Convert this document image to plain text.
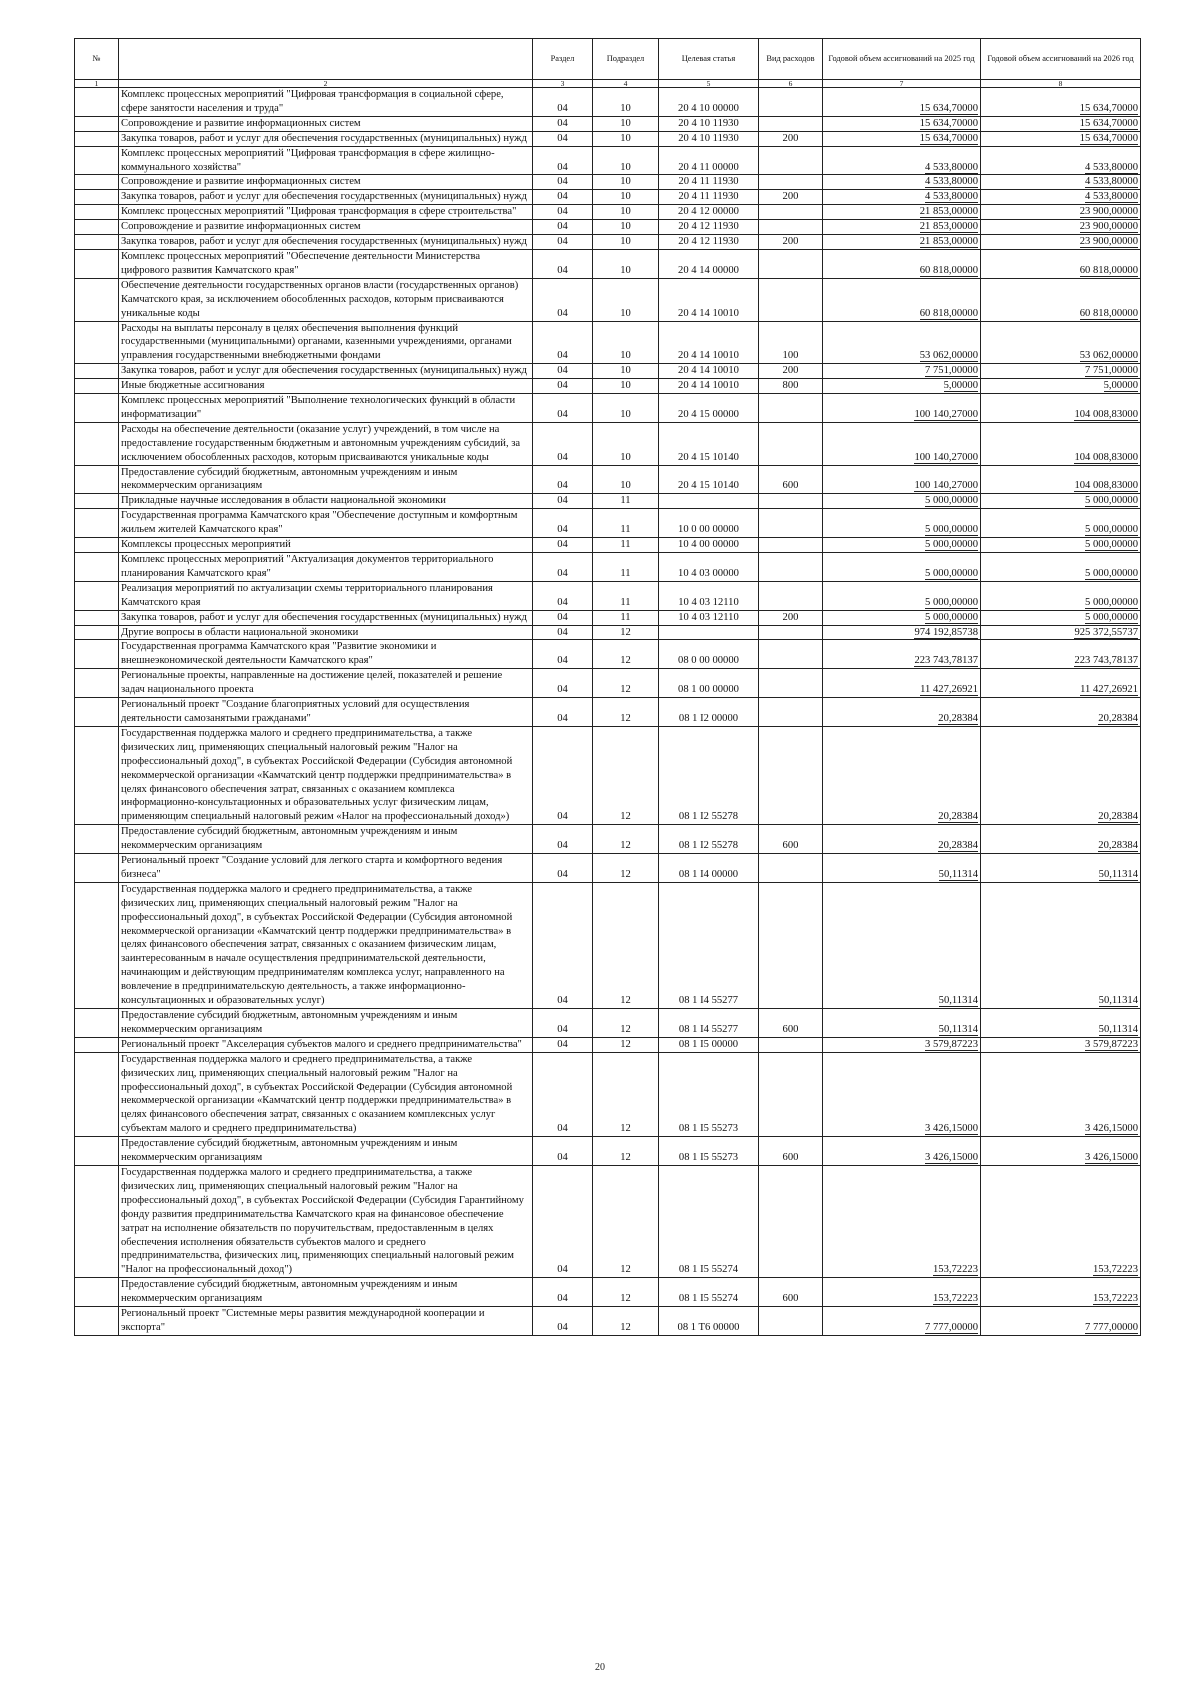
№		Раздел	Подраздел	Целевая статья	Вид расходов	Годовой объем ассигнований на 2025 год	Годовой объем ассигнований на 2026 год
1	2	3	4	5	6	7	8
	Комплекс процессных мероприятий "Цифровая трансформация в социальной сфере, сфере занятости населения и труда"	04	10	20 4 10 00000		15 634,70000	15 634,70000
	Сопровождение и развитие информационных систем	04	10	20 4 10 11930		15 634,70000	15 634,70000
	Закупка товаров, работ и услуг для обеспечения государственных (муниципальных) нужд	04	10	20 4 10 11930	200	15 634,70000	15 634,70000
	Комплекс процессных мероприятий "Цифровая трансформация в сфере жилищно-коммунального хозяйства"	04	10	20 4 11 00000		4 533,80000	4 533,80000
	Сопровождение и развитие информационных систем	04	10	20 4 11 11930		4 533,80000	4 533,80000
	Закупка товаров, работ и услуг для обеспечения государственных (муниципальных) нужд	04	10	20 4 11 11930	200	4 533,80000	4 533,80000
	Комплекс процессных мероприятий "Цифровая трансформация в сфере строительства"	04	10	20 4 12 00000		21 853,00000	23 900,00000
	Сопровождение и развитие информационных систем	04	10	20 4 12 11930		21 853,00000	23 900,00000
	Закупка товаров, работ и услуг для обеспечения государственных (муниципальных) нужд	04	10	20 4 12 11930	200	21 853,00000	23 900,00000
	Комплекс процессных мероприятий "Обеспечение деятельности Министерства цифрового развития Камчатского края"	04	10	20 4 14 00000		60 818,00000	60 818,00000
	Обеспечение деятельности государственных органов власти (государственных органов) Камчатского края, за исключением обособленных расходов, которым присваиваются уникальные коды	04	10	20 4 14 10010		60 818,00000	60 818,00000
	Расходы на выплаты персоналу в целях обеспечения выполнения функций государственными (муниципальными) органами, казенными учреждениями, органами управления государственными внебюджетными фондами	04	10	20 4 14 10010	100	53 062,00000	53 062,00000
	Закупка товаров, работ и услуг для обеспечения государственных (муниципальных) нужд	04	10	20 4 14 10010	200	7 751,00000	7 751,00000
	Иные бюджетные ассигнования	04	10	20 4 14 10010	800	5,00000	5,00000
	Комплекс процессных мероприятий "Выполнение технологических функций в области информатизации"	04	10	20 4 15 00000		100 140,27000	104 008,83000
	Расходы на обеспечение деятельности (оказание услуг) учреждений, в том числе на предоставление государственным бюджетным и автономным учреждениям субсидий, за исключением обособленных расходов, которым присваиваются уникальные коды	04	10	20 4 15 10140		100 140,27000	104 008,83000
	Предоставление субсидий бюджетным, автономным учреждениям и иным некоммерческим организациям	04	10	20 4 15 10140	600	100 140,27000	104 008,83000
	Прикладные научные исследования в области национальной экономики	04	11			5 000,00000	5 000,00000
	Государственная программа Камчатского края "Обеспечение доступным и комфортным жильем жителей Камчатского края"	04	11	10 0 00 00000		5 000,00000	5 000,00000
	Комплексы процессных мероприятий	04	11	10 4 00 00000		5 000,00000	5 000,00000
	Комплекс процессных мероприятий "Актуализация документов территориального планирования Камчатского края"	04	11	10 4 03 00000		5 000,00000	5 000,00000
	Реализация мероприятий по актуализации схемы территориального планирования Камчатского края	04	11	10 4 03 12110		5 000,00000	5 000,00000
	Закупка товаров, работ и услуг для обеспечения государственных (муниципальных) нужд	04	11	10 4 03 12110	200	5 000,00000	5 000,00000
	Другие вопросы в области национальной экономики	04	12			974 192,85738	925 372,55737
	Государственная программа Камчатского края "Развитие экономики и внешнеэкономической деятельности Камчатского края"	04	12	08 0 00 00000		223 743,78137	223 743,78137
	Региональные проекты, направленные на достижение целей, показателей и решение задач национального проекта	04	12	08 1 00 00000		11 427,26921	11 427,26921
	Региональный проект "Создание благоприятных условий для осуществления деятельности самозанятыми гражданами"	04	12	08 1 I2 00000		20,28384	20,28384
	Государственная поддержка малого и среднего предпринимательства, а также физических лиц, применяющих специальный налоговый режим "Налог на профессиональный доход", в субъектах Российской Федерации (Субсидия автономной некоммерческой организации «Камчатский центр поддержки предпринимательства» в целях финансового обеспечения затрат, связанных с оказанием комплекса информационно-консультационных и образовательных услуг физическим лицам, применяющим специальный налоговый режим «Налог на профессиональный доход»)	04	12	08 1 I2 55278		20,28384	20,28384
	Предоставление субсидий бюджетным, автономным учреждениям и иным некоммерческим организациям	04	12	08 1 I2 55278	600	20,28384	20,28384
	Региональный проект "Создание условий для легкого старта и комфортного ведения бизнеса"	04	12	08 1 I4 00000		50,11314	50,11314
	Государственная поддержка малого и среднего предпринимательства, а также физических лиц, применяющих специальный налоговый режим "Налог на профессиональный доход", в субъектах Российской Федерации (Субсидия автономной некоммерческой организации «Камчатский центр поддержки предпринимательства» в целях финансового обеспечения затрат, связанных с оказанием физическим лицам, заинтересованным в начале осуществления предпринимательской деятельности, начинающим и действующим предпринимателям комплекса услуг, направленного на вовлечение в предпринимательскую деятельность, а также информационно-консультационных и образовательных услуг)	04	12	08 1 I4 55277		50,11314	50,11314
	Предоставление субсидий бюджетным, автономным учреждениям и иным некоммерческим организациям	04	12	08 1 I4 55277	600	50,11314	50,11314
	Региональный проект "Акселерация субъектов малого и среднего предпринимательства"	04	12	08 1 I5 00000		3 579,87223	3 579,87223
	Государственная поддержка малого и среднего предпринимательства, а также физических лиц, применяющих специальный налоговый режим "Налог на профессиональный доход", в субъектах Российской Федерации (Субсидия автономной некоммерческой организации «Камчатский центр поддержки предпринимательства» в целях финансового обеспечения затрат, связанных с оказанием комплексных услуг субъектам малого и среднего предпринимательства)	04	12	08 1 I5 55273		3 426,15000	3 426,15000
	Предоставление субсидий бюджетным, автономным учреждениям и иным некоммерческим организациям	04	12	08 1 I5 55273	600	3 426,15000	3 426,15000
	Государственная поддержка малого и среднего предпринимательства, а также физических лиц, применяющих специальный налоговый режим "Налог на профессиональный доход", в субъектах Российской Федерации (Субсидия Гарантийному фонду развития предпринимательства Камчатского края на финансовое обеспечение затрат на исполнение обязательств по поручительствам, предоставленным в целях обеспечения исполнения обязательств субъектов малого и среднего предпринимательства, физических лиц, применяющих специальный налоговый режим "Налог на профессиональный доход")	04	12	08 1 I5 55274		153,72223	153,72223
	Предоставление субсидий бюджетным, автономным учреждениям и иным некоммерческим организациям	04	12	08 1 I5 55274	600	153,72223	153,72223
	Региональный проект "Системные меры развития международной кооперации и экспорта"	04	12	08 1 T6 00000		7 777,00000	7 777,00000
20
